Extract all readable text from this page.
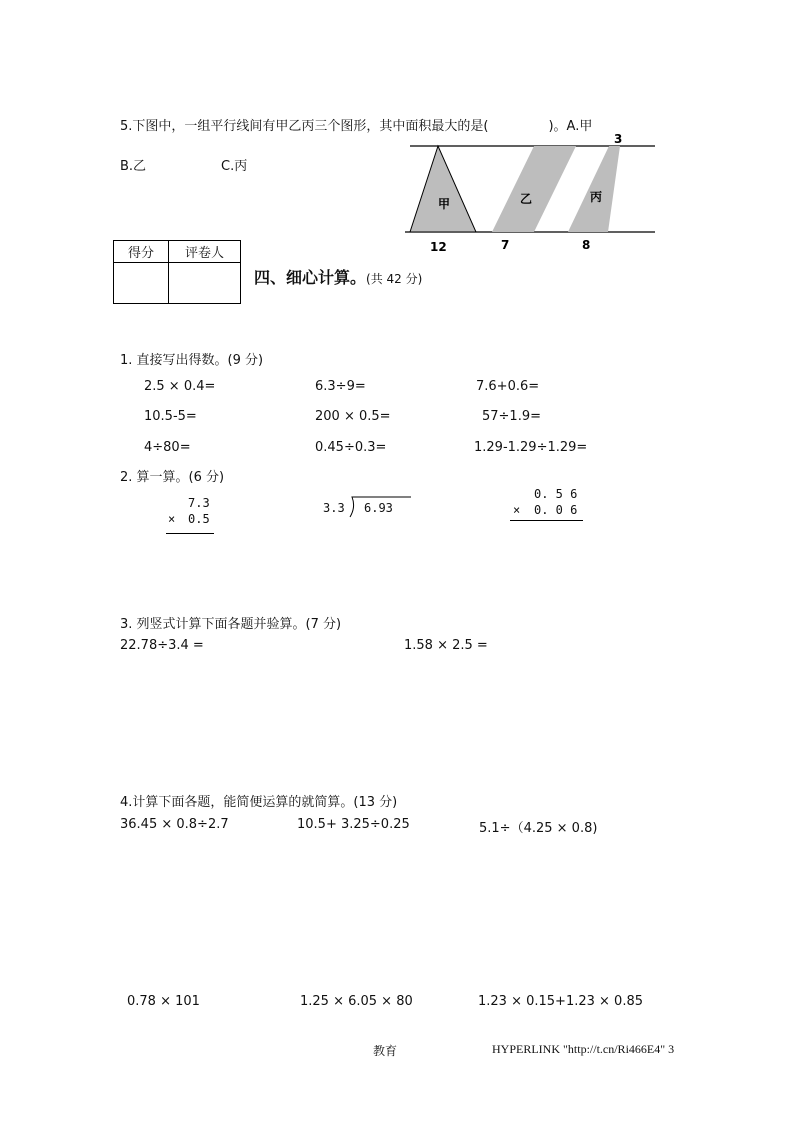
5.下图中，一组平行线间有甲乙丙三个图形，其中面积最大的是(	)。A.甲
B.乙	C.丙
3
甲	乙	丙
12	7	8
得分	评卷人

四、细心计算。(共 42 分)
1. 直接写出得数。(9 分)
2.5 × 0.4=	6.3÷9=	7.6+0.6=
10.5-5=	200 × 0.5=	57÷1.9=
4÷80=	0.45÷0.3=	1.29-1.29÷1.29=
2. 算一算。(6 分)
7.3
× 0.5
3.3 6.93
0. 5 6
× 0. 0 6
3. 列竖式计算下面各题并验算。(7 分)
22.78÷3.4 =	1.58 × 2.5 =
4.计算下面各题，能简便运算的就简算。(13 分)
36.45 × 0.8÷2.7	10.5+ 3.25÷0.25	5.1÷（4.25 × 0.8)
0.78 × 101	1.25 × 6.05 × 80	1.23 × 0.15+1.23 × 0.85
教育	HYPERLINK "http://t.cn/Ri466E4" 3
